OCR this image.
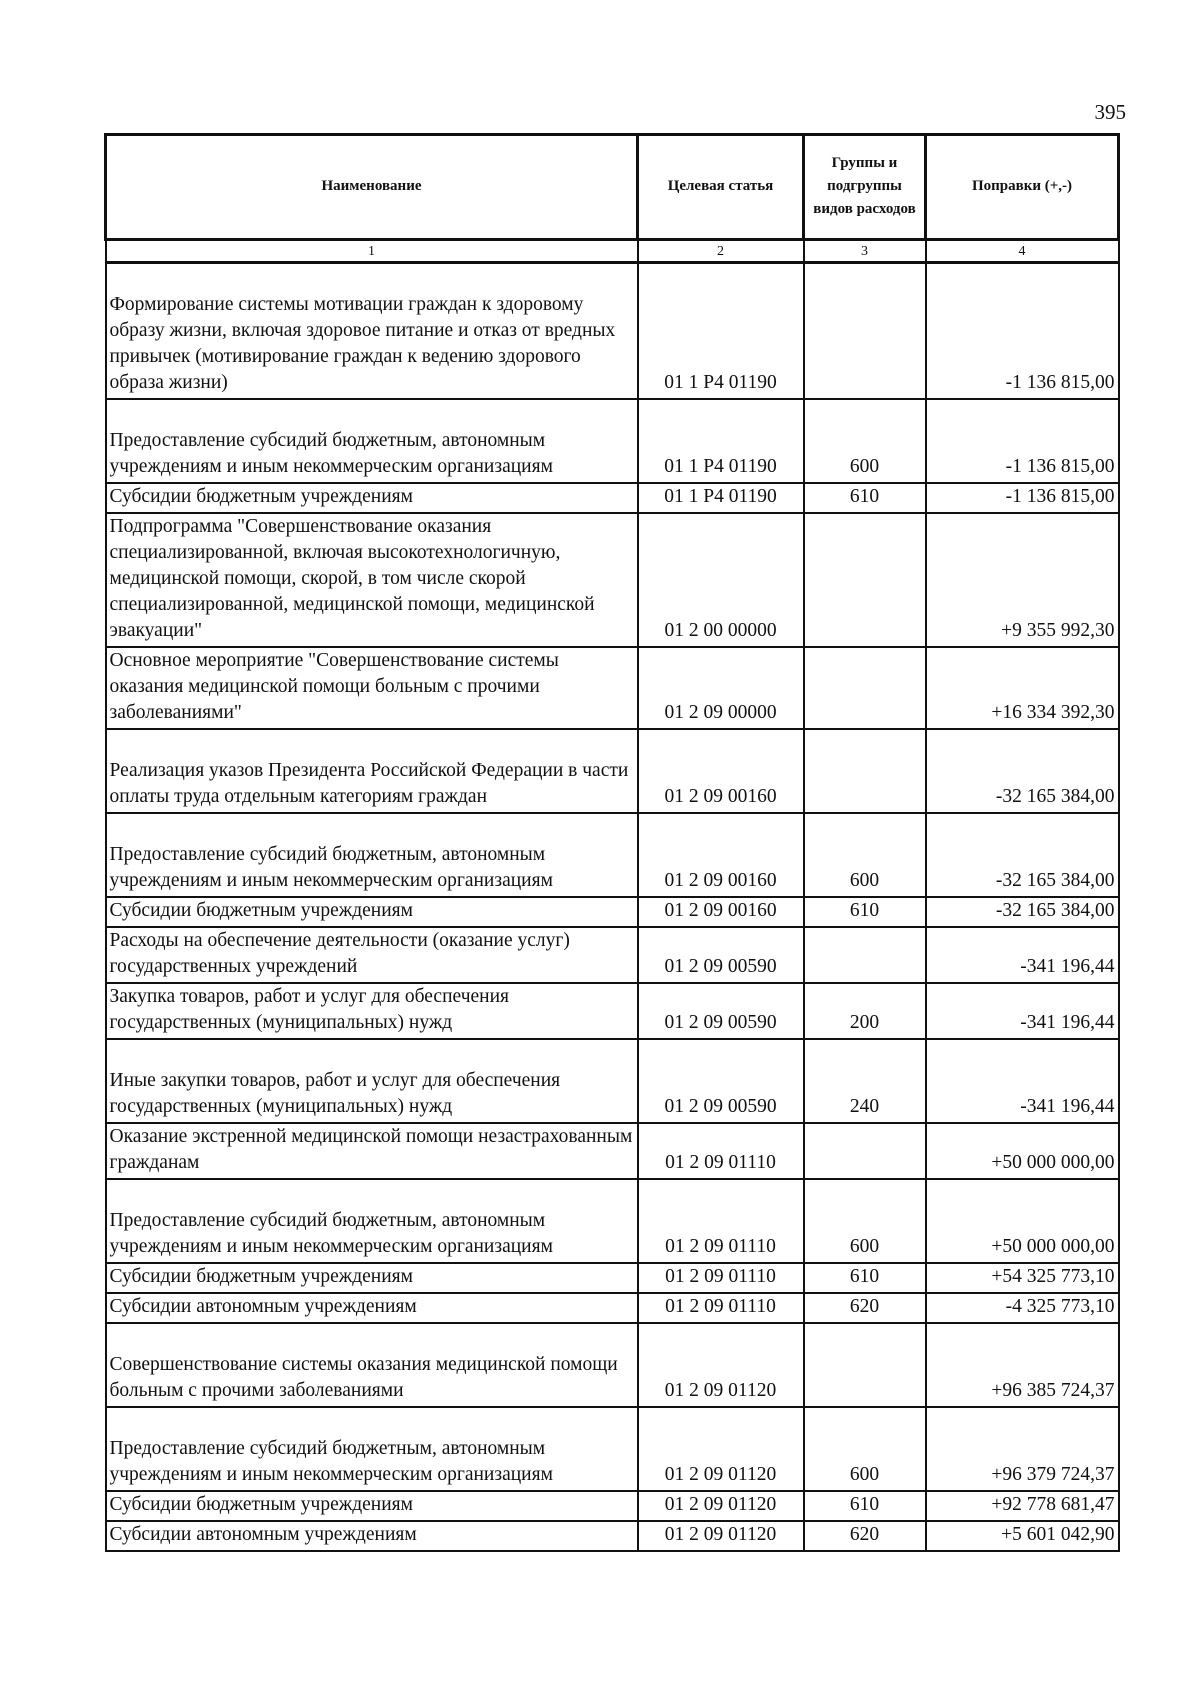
395
Наименование	Целевая статья	Группы и подгруппы видов расходов	Поправки (+,-)
1	2	3	4
Формирование системы мотивации граждан к здоровому образу жизни, включая здоровое питание и отказ от вредных привычек (мотивирование граждан к ведению здорового образа жизни)	01 1 P4 01190		-1 136 815,00
Предоставление субсидий бюджетным, автономным учреждениям и иным некоммерческим организациям	01 1 P4 01190	600	-1 136 815,00
Субсидии бюджетным учреждениям	01 1 P4 01190	610	-1 136 815,00
Подпрограмма "Совершенствование оказания специализированной, включая высокотехнологичную, медицинской помощи, скорой, в том числе скорой специализированной, медицинской помощи, медицинской эвакуации"	01 2 00 00000		+9 355 992,30
Основное мероприятие "Совершенствование системы оказания медицинской помощи больным с прочими заболеваниями"	01 2 09 00000		+16 334 392,30
Реализация указов Президента Российской Федерации в части оплаты труда отдельным категориям граждан	01 2 09 00160		-32 165 384,00
Предоставление субсидий бюджетным, автономным учреждениям и иным некоммерческим организациям	01 2 09 00160	600	-32 165 384,00
Субсидии бюджетным учреждениям	01 2 09 00160	610	-32 165 384,00
Расходы на обеспечение деятельности (оказание услуг) государственных учреждений	01 2 09 00590		-341 196,44
Закупка товаров, работ и услуг для обеспечения государственных (муниципальных) нужд	01 2 09 00590	200	-341 196,44
Иные закупки товаров, работ и услуг для обеспечения государственных (муниципальных) нужд	01 2 09 00590	240	-341 196,44
Оказание экстренной медицинской помощи незастрахованным гражданам	01 2 09 01110		+50 000 000,00
Предоставление субсидий бюджетным, автономным учреждениям и иным некоммерческим организациям	01 2 09 01110	600	+50 000 000,00
Субсидии бюджетным учреждениям	01 2 09 01110	610	+54 325 773,10
Субсидии автономным учреждениям	01 2 09 01110	620	-4 325 773,10
Совершенствование системы оказания медицинской помощи больным с прочими заболеваниями	01 2 09 01120		+96 385 724,37
Предоставление субсидий бюджетным, автономным учреждениям и иным некоммерческим организациям	01 2 09 01120	600	+96 379 724,37
Субсидии бюджетным учреждениям	01 2 09 01120	610	+92 778 681,47
Субсидии автономным учреждениям	01 2 09 01120	620	+5 601 042,90
